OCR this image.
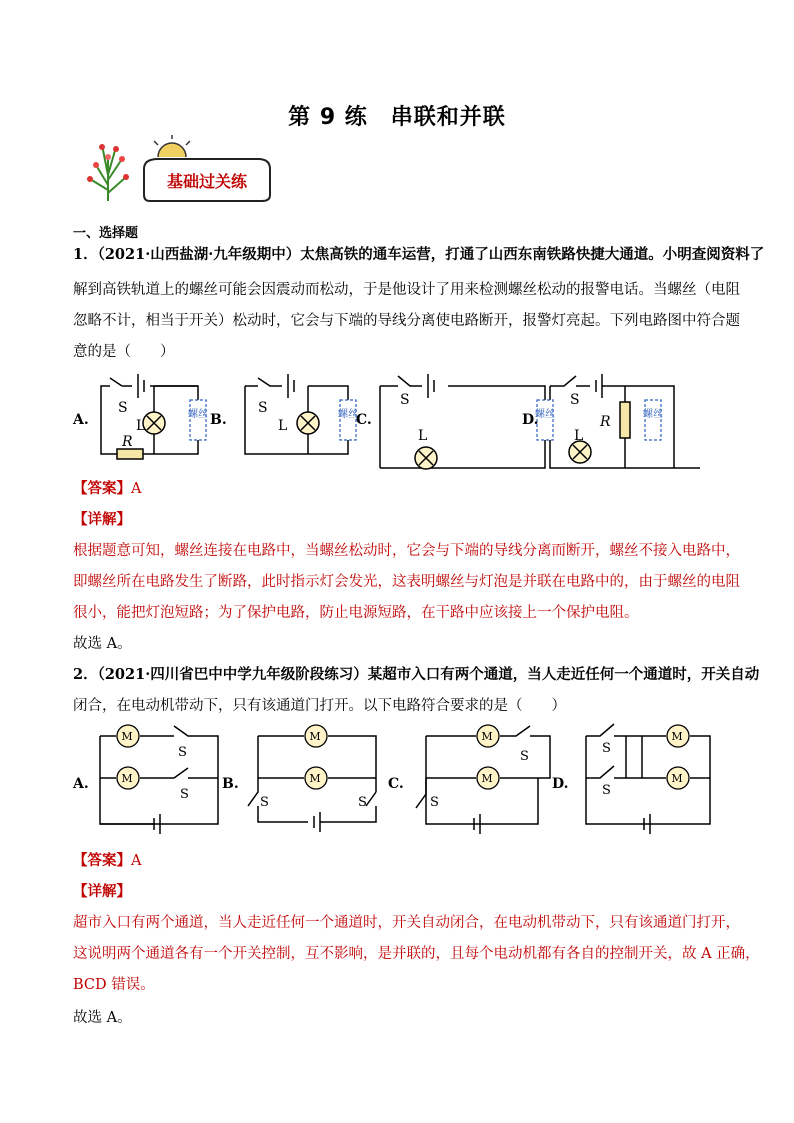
第 9 练　串联和并联
基础过关练
一、选择题
1．（2021·山西盐湖·九年级期中）太焦高铁的通车运营，打通了山西东南铁路快捷大通道。小明查阅资料了
解到高铁轨道上的螺丝可能会因震动而松动，于是他设计了用来检测螺丝松动的报警电话。当螺丝（电阻
忽略不计，相当于开关）松动时，它会与下端的导线分离使电路断开，报警灯亮起。下列电路图中符合题
意的是（　　）
螺丝	螺丝	螺丝	螺丝
A.
S
L
R
B.
S
L	C.
S
L
D.
S
L
R
【答案】A
【详解】
根据题意可知，螺丝连接在电路中，当螺丝松动时，它会与下端的导线分离而断开，螺丝不接入电路中，
即螺丝所在电路发生了断路，此时指示灯会发光，这表明螺丝与灯泡是并联在电路中的，由于螺丝的电阻
很小，能把灯泡短路；为了保护电路，防止电源短路，在干路中应该接上一个保护电阻。
故选 A。
2．（2021·四川省巴中中学九年级阶段练习）某超市入口有两个通道，当人走近任何一个通道时，开关自动
闭合，在电动机带动下，只有该通道门打开。以下电路符合要求的是（　　）
M
M
M
M
M
M
M
M
A.
S
S
B.
S	S
C.
S
S
D.
S
S
【答案】A
【详解】
超市入口有两个通道，当人走近任何一个通道时，开关自动闭合，在电动机带动下，只有该通道门打开，
这说明两个通道各有一个开关控制，互不影响，是并联的，且每个电动机都有各自的控制开关，故 A 正确，
BCD 错误。
故选 A。
